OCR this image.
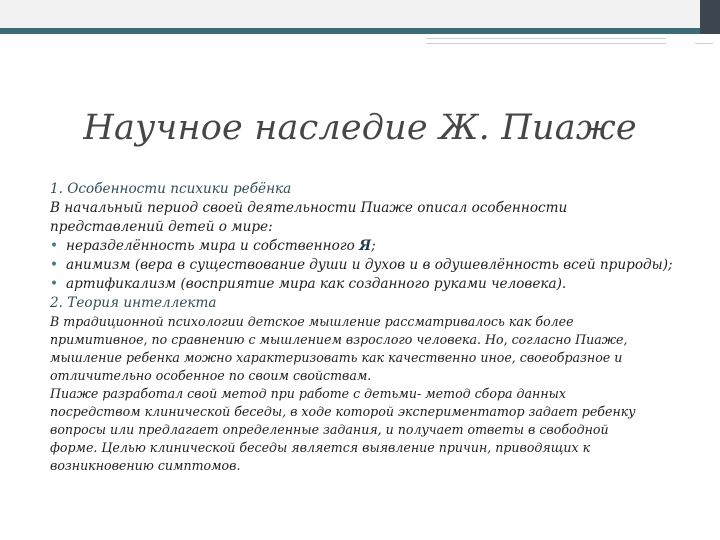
Научное наследие Ж. Пиаже
1. Особенности психики ребёнка

В начальный период своей деятельности Пиаже описал особенности

представлений детей о мире:

• неразделённость мира и собственного Я;
• анимизм (вера в существование души и духов и в одушевлённость всей природы);
• артификализм (восприятие мира как созданного руками человека).
2. Теория интеллекта

В традиционной психологии детское мышление рассматривалось как более

примитивное, по сравнению с мышлением взрослого человека. Но, согласно Пиаже,

мышление ребенка можно характеризовать как качественно иное, своеобразное и

отличительно особенное по своим свойствам.

Пиаже разработал свой метод при работе с детьми- метод сбора данных

посредством клинической беседы, в ходе которой экспериментатор задает ребенку

вопросы или предлагает определенные задания, и получает ответы в свободной

форме. Целью клинической беседы является выявление причин, приводящих к

возникновению симптомов.
